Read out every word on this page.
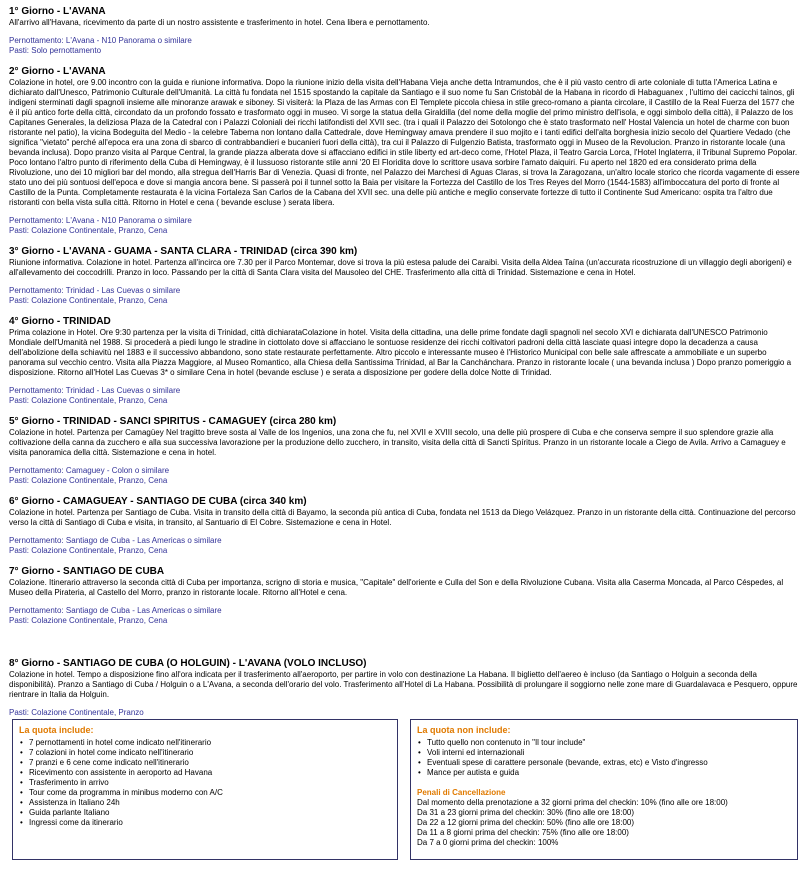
1° Giorno - L'AVANA

All'arrivo all'Havana, ricevimento da parte di un nostro assistente e trasferimento in hotel. Cena libera e pernottamento.

Pernottamento: L'Avana - N10 Panorama o similare
Pasti: Solo pernottamento
2° Giorno - L'AVANA

Colazione in hotel, ore 9.00 incontro con la guida e riunione informativa. Dopo la riunione inizio della visita dell'Habana Vieja anche detta Intramundos, che è il più vasto centro di arte coloniale di tutta l'America Latina e dichiarato dall'Unesco, Patrimonio Culturale dell'Umanità. La città fu fondata nel 1515 spostando la capitale da Santiago e il suo nome fu San Cristobàl de la Habana in ricordo di Habaguanex , l'ultimo dei cacicchi taìnos, gli indigeni sterminati dagli spagnoli insieme alle minoranze arawak e siboney. Si visiterà: la Plaza de las Armas con El Templete piccola chiesa in stile greco-romano a pianta circolare, il Castillo de la Real Fuerza del 1577 che è il più antico forte della città, circondato da un profondo fossato e trasformato oggi in museo. Vi sorge la statua della Giraldilla (del nome della moglie del primo ministro dell'isola, e oggi simbolo della città), il Palazzo de los Capitanes Generales, la deliziosa Plaza de la Catedral con i Palazzi Coloniali dei ricchi latifondisti del XVII sec. (tra i quali il Palazzo dei Sotolongo che è stato trasformato nell' Hostal Valencia un hotel de charme con buon ristorante nel patio), la vicina Bodeguita del Medio - la celebre Taberna non lontano dalla Cattedrale, dove Hemingway amava prendere il suo mojito e i tanti edifici dell'alta borghesia inizio secolo del Quartiere Vedado (che significa "vietato" perché all'epoca era una zona di sbarco di contrabbandieri e bucanieri fuori della città), tra cui il Palazzo di Fulgenzio Batista, trasformato oggi in Museo de la Revolucion. Pranzo in ristorante locale (una bevanda inclusa). Dopo pranzo visita al Parque Central, la grande piazza alberata dove si affacciano edifici in stile liberty ed art-deco come, l'Hotel Plaza, il Teatro Garcia Lorca, l'Hotel Inglaterra, il Tribunal Supremo Popolar. Poco lontano l'altro punto di riferimento della Cuba di Hemingway, è il lussuoso ristorante stile anni '20 El Floridita dove lo scrittore usava sorbire l'amato daiquiri. Fu aperto nel 1820 ed era considerato prima della Rivoluzione, uno dei 10 migliori bar del mondo, alla stregua dell'Harris Bar di Venezia. Quasi di fronte, nel Palazzo dei Marchesi di Aguas Claras, si trova la Zaragozana, un'altro locale storico che ricorda vagamente di essere stato uno dei più sontuosi dell'epoca e dove si mangia ancora bene. Si passerà poi il tunnel sotto la Baia per visitare la Fortezza del Castillo de los Tres Reyes del Morro (1544-1583) all'imboccatura del porto di fronte al Castillo de la Punta. Completamente restaurata è la vicina Fortaleza San Carlos de la Cabana del XVII sec. una delle più antiche e meglio conservate fortezze di tutto il Continente Sud Americano: ospita tra l'altro due ristoranti con bella vista sulla città. Ritorno in Hotel e cena ( bevande escluse ) serata libera.

Pernottamento: L'Avana - N10 Panorama o similare
Pasti: Colazione Continentale, Pranzo, Cena
3° Giorno - L'AVANA - GUAMA - SANTA CLARA - TRINIDAD (circa 390 km)

Riunione informativa. Colazione in hotel. Partenza all'incirca ore 7.30 per il Parco Montemar, dove si trova la più estesa palude dei Caraibi. Visita della Aldea Taína (un'accurata ricostruzione di un villaggio degli aborigeni) e all'allevamento dei coccodrilli. Pranzo in loco. Passando per la città di Santa Clara visita del Mausoleo del CHE. Trasferimento alla città di Trinidad. Sistemazione e cena in Hotel.

Pernottamento: Trinidad - Las Cuevas o similare
Pasti: Colazione Continentale, Pranzo, Cena
4° Giorno - TRINIDAD

Prima colazione in Hotel. Ore 9:30 partenza per la visita di Trinidad, città dichiarataColazione in hotel. Visita della cittadina, una delle prime fondate dagli spagnoli nel secolo XVI e dichiarata dall'UNESCO Patrimonio Mondiale dell'Umanità nel 1988. Si procederà a piedi lungo le stradine in ciottolato dove si affacciano le sontuose residenze dei ricchi coltivatori padroni della città lasciate quasi integre dopo la decadenza a causa dell'abolizione della schiavitù nel 1883 e il successivo abbandono, sono state restaurate perfettamente. Altro piccolo e interessante museo è l'Historico Municipal con belle sale affrescate a ammobiliate e un superbo panorama sul vecchio centro. Visita alla Piazza Maggiore, al Museo Romantico, alla Chiesa della Santissima Trinidad, al Bar la Canchánchara. Pranzo in ristorante locale ( una bevanda inclusa ) Dopo pranzo pomeriggio a disposizione. Ritorno all'Hotel Las Cuevas 3* o similare Cena in hotel (bevande escluse ) e serata a disposizione per godere della dolce Notte di Trinidad.

Pernottamento: Trinidad - Las Cuevas o similare
Pasti: Colazione Continentale, Pranzo, Cena
5° Giorno - TRINIDAD - SANCI SPIRITUS - CAMAGUEY (circa 280 km)

Colazione in hotel. Partenza per Camagüey Nel tragitto breve sosta al Valle de los Ingenios, una zona che fu, nel XVII e XVIII secolo, una delle più prospere di Cuba e che conserva sempre il suo splendore grazie alla coltivazione della canna da zucchero e alla sua successiva lavorazione per la produzione dello zucchero, in transito, visita della città di Sancti Spíritus. Pranzo in un ristorante locale a Ciego de Avila. Arrivo a Camaguey e visita panoramica della città. Sistemazione e cena in hotel.

Pernottamento: Camaguey - Colon o similare
Pasti: Colazione Continentale, Pranzo, Cena
6° Giorno - CAMAGUEAY - SANTIAGO DE CUBA (circa 340 km)

Colazione in hotel. Partenza per Santiago de Cuba. Visita in transito della città di Bayamo, la seconda più antica di Cuba, fondata nel 1513 da Diego Velázquez. Pranzo in un ristorante della città. Continuazione del percorso verso la città di Santiago di Cuba e visita, in transito, al Santuario di El Cobre. Sistemazione e cena in Hotel.

Pernottamento: Santiago de Cuba - Las Americas o similare
Pasti: Colazione Continentale, Pranzo, Cena
7° Giorno - SANTIAGO DE CUBA

Colazione. Itinerario attraverso la seconda città di Cuba per importanza, scrigno di storia e musica, "Capitale" dell'oriente e Culla del Son e della Rivoluzione Cubana. Visita alla Caserma Moncada, al Parco Céspedes, al Museo della Pirateria, al Castello del Morro, pranzo in ristorante locale. Ritorno all'Hotel e cena.

Pernottamento: Santiago de Cuba - Las Americas o similare
Pasti: Colazione Continentale, Pranzo, Cena
8° Giorno - SANTIAGO DE CUBA (O HOLGUIN) - L'AVANA (VOLO INCLUSO)

Colazione in hotel. Tempo a disposizione fino all'ora indicata per il trasferimento all'aeroporto, per partire in volo con destinazione La Habana. Il biglietto dell'aereo è incluso (da Santiago o Holguin a seconda della disponibilità). Pranzo a Santiago di Cuba / Holguin o a L'Avana, a seconda dell'orario del volo. Trasferimento all'Hotel di La Habana. Possibilità di prolungare il soggiorno nelle zone mare di Guardalavaca e Pesquero, oppure rientrare in Italia da Holguin.

Pasti: Colazione Continentale, Pranzo
La quota include:
• 7 pernottamenti in hotel come indicato nell'itinerario
• 7 colazioni in hotel come indicato nell'itinerario
• 7 pranzi e 6 cene come indicato nell'itinerario
• Ricevimento con assistente in aeroporto ad Havana
• Trasferimento in arrivo
• Tour come da programma in minibus moderno con A/C
• Assistenza in Italiano 24h
• Guida parlante Italiano
• Ingressi come da itinerario
La quota non include:
• Tutto quello non contenuto in "Il tour include"
• Voli interni ed internazionali
• Eventuali spese di carattere personale (bevande, extras, etc) e Visto d'ingresso
• Mance per autista e guida
Penali di Cancellazione
Dal momento della prenotazione a 32 giorni prima del checkin: 10% (fino alle ore 18:00)
Da 31 a 23 giorni prima del checkin: 30% (fino alle ore 18:00)
Da 22 a 12 giorni prima del checkin: 50% (fino alle ore 18:00)
Da 11 a 8 giorni prima del checkin: 75% (fino alle ore 18:00)
Da 7 a 0 giorni prima del checkin: 100%
